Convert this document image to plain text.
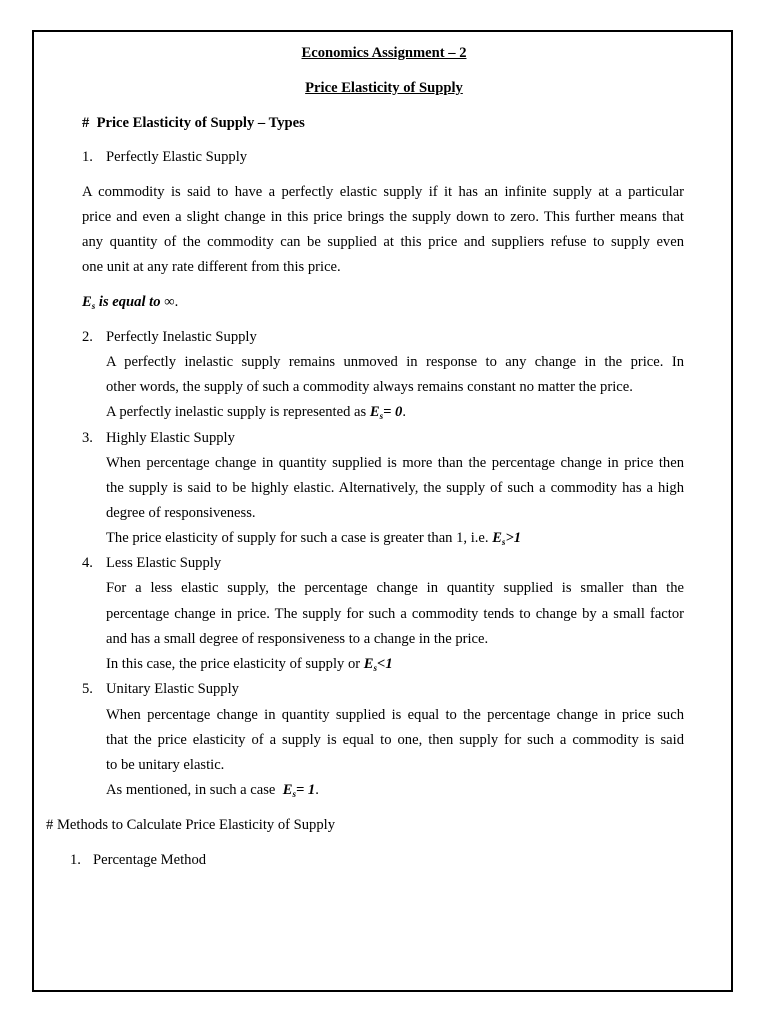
Economics Assignment – 2
Price Elasticity of Supply
# Price Elasticity of Supply – Types
1. Perfectly Elastic Supply
A commodity is said to have a perfectly elastic supply if it has an infinite supply at a particular
price and even a slight change in this price brings the supply down to zero. This further means that
any quantity of the commodity can be supplied at this price and suppliers refuse to supply even
one unit at any rate different from this price.
$E_s$ is equal to ∞.
2. Perfectly Inelastic Supply
A perfectly inelastic supply remains unmoved in response to any change in the price. In
other words, the supply of such a commodity always remains constant no matter the price.
A perfectly inelastic supply is represented as $E_s= 0$.
3. Highly Elastic Supply
When percentage change in quantity supplied is more than the percentage change in price then
the supply is said to be highly elastic. Alternatively, the supply of such a commodity has a high
degree of responsiveness.
The price elasticity of supply for such a case is greater than 1, i.e. $E_s>1$
4. Less Elastic Supply
For a less elastic supply, the percentage change in quantity supplied is smaller than the
percentage change in price. The supply for such a commodity tends to change by a small factor
and has a small degree of responsiveness to a change in the price.
In this case, the price elasticity of supply or $E_s<1$
5. Unitary Elastic Supply
When percentage change in quantity supplied is equal to the percentage change in price such
that the price elasticity of a supply is equal to one, then supply for such a commodity is said
to be unitary elastic.
As mentioned, in such a case  $E_s= 1$.
# Methods to Calculate Price Elasticity of Supply
1. Percentage Method
